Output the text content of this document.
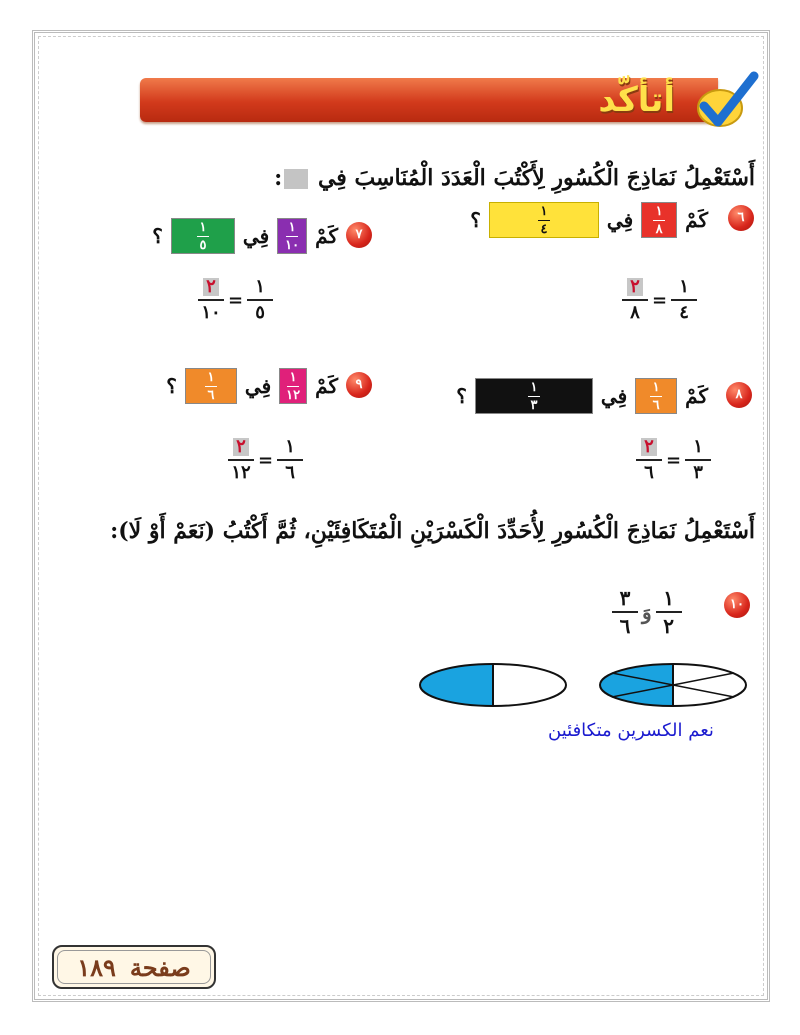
أتأكّد
أَسْتَعْمِلُ نَمَاذِجَ الْكُسُورِ لِأَكْتُبَ الْعَدَدَ الْمُنَاسِبَ فِي :
٦
كَمْ
$\frac{١}{٨}$
فِي
$\frac{١}{٤}$
؟
٢
٨
=
١
٤
٧
كَمْ
$\frac{١}{١٠}$
فِي
$\frac{١}{٥}$
؟
٢
١٠
=
١
٥
٨
كَمْ
$\frac{١}{٦}$
فِي
$\frac{١}{٣}$
؟
٢
٦
=
١
٣
٩
كَمْ
$\frac{١}{١٢}$
فِي
$\frac{١}{٦}$
؟
٢
١٢
=
١
٦
أَسْتَعْمِلُ نَمَاذِجَ الْكُسُورِ لِأُحَدِّدَ الْكَسْرَيْنِ الْمُتَكَافِئَيْنِ، ثُمَّ أَكْتُبُ (نَعَمْ أَوْ لَا):
١٠
٣
٦
وَ
١
٢
نعم الكسرين متكافئين
صفحة
١٨٩
